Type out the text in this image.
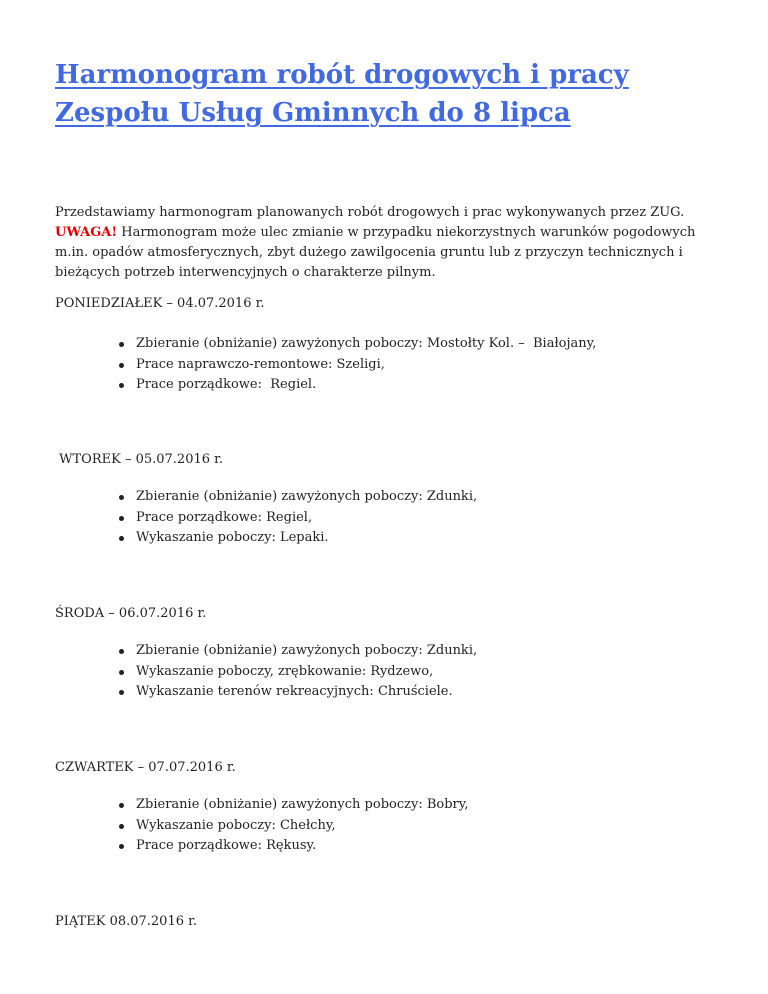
Harmonogram robót drogowych i pracy Zespołu Usług Gminnych do 8 lipca

Przedstawiamy harmonogram planowanych robót drogowych i prac wykonywanych przez ZUG. UWAGA! Harmonogram może ulec zmianie w przypadku niekorzystnych warunków pogodowych m.in. opadów atmosferycznych, zbyt dużego zawilgocenia gruntu lub z przyczyn technicznych i bieżących potrzeb interwencyjnych o charakterze pilnym.

PONIEDZIAŁEK – 04.07.2016 r.

Zbieranie (obniżanie) zawyżonych poboczy: Mostołty Kol. –  Białojany,
Prace naprawczo-remontowe: Szeligi,
Prace porządkowe:  Regiel.

WTOREK – 05.07.2016 r.

Zbieranie (obniżanie) zawyżonych poboczy: Zdunki,
Prace porządkowe: Regiel,
Wykaszanie poboczy: Lepaki.

ŚRODA – 06.07.2016 r.

Zbieranie (obniżanie) zawyżonych poboczy: Zdunki,
Wykaszanie poboczy, zrębkowanie: Rydzewo,
Wykaszanie terenów rekreacyjnych: Chruściele.

CZWARTEK – 07.07.2016 r.

Zbieranie (obniżanie) zawyżonych poboczy: Bobry,
Wykaszanie poboczy: Chełchy,
Prace porządkowe: Rękusy.

PIĄTEK 08.07.2016 r.
